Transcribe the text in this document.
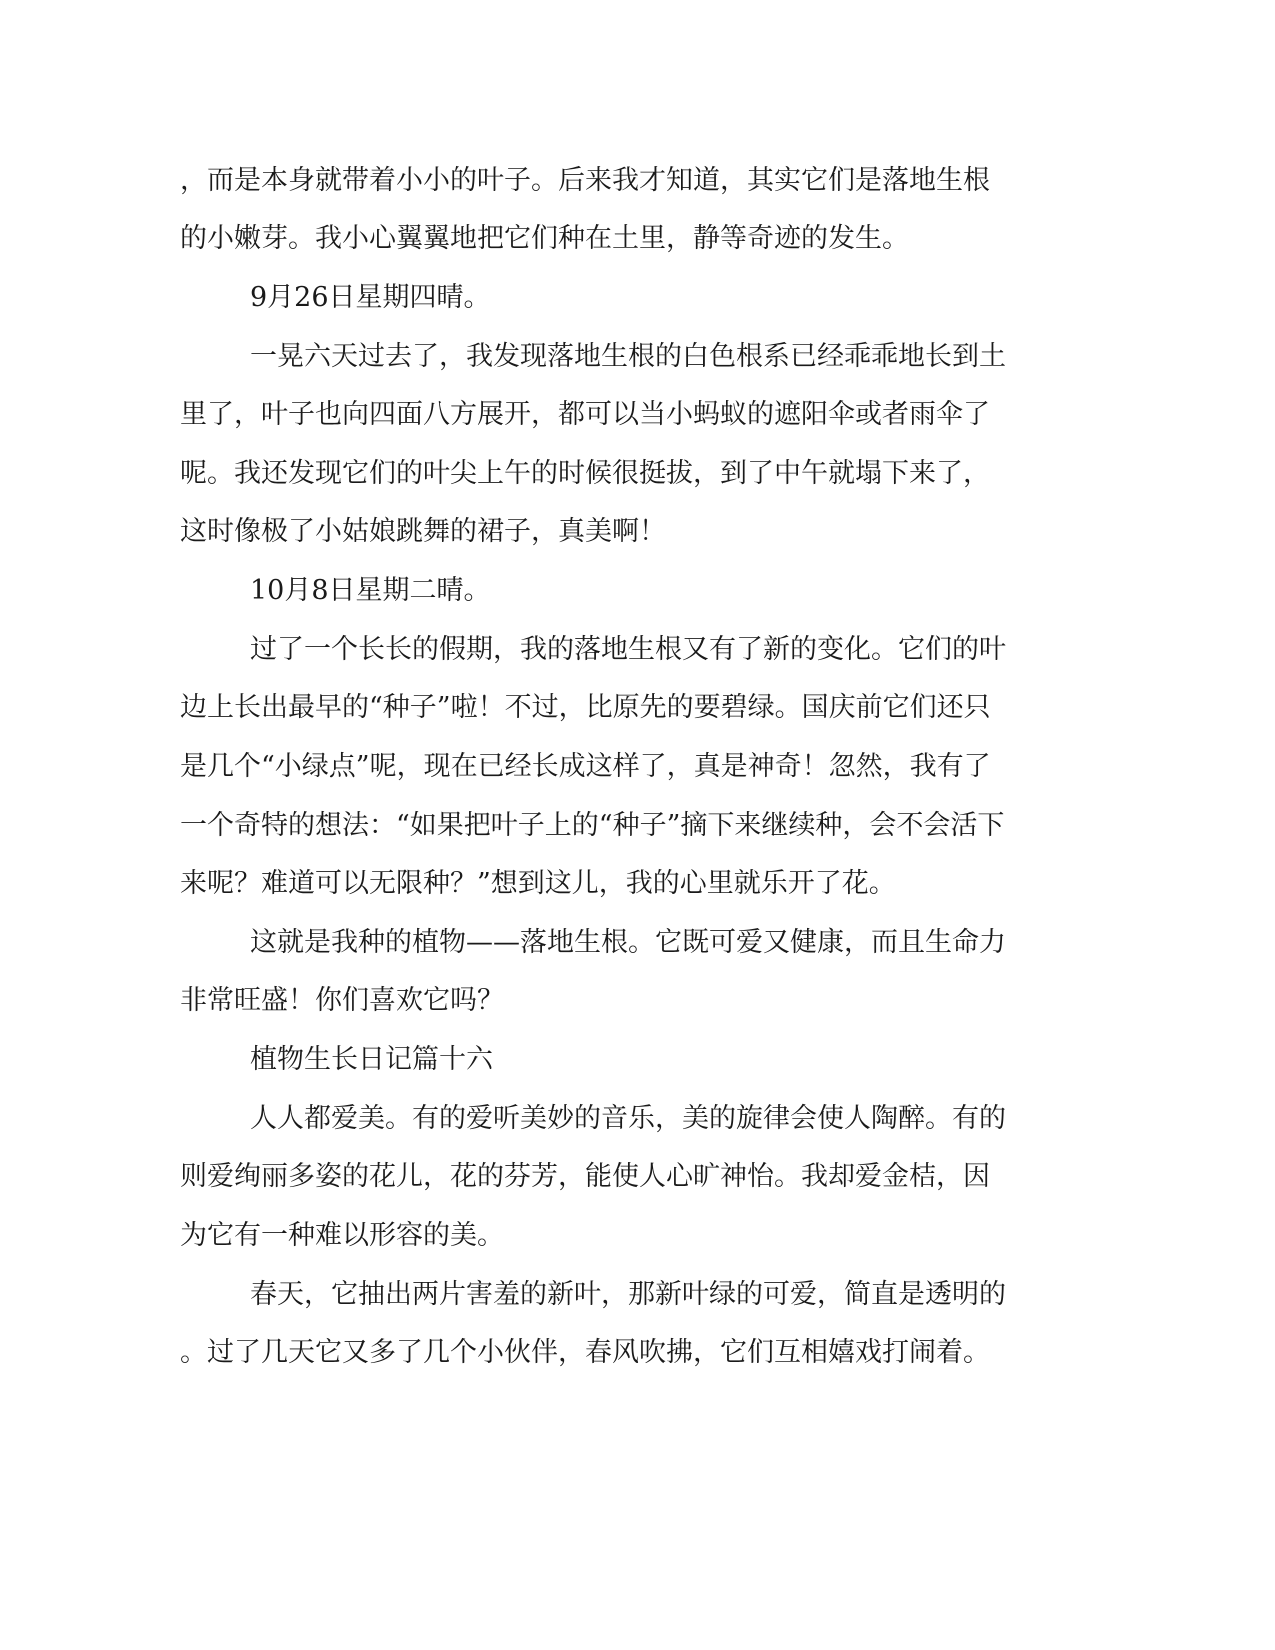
，而是本身就带着小小的叶子。后来我才知道，其实它们是落地生根
的小嫩芽。我小心翼翼地把它们种在土里，静等奇迹的发生。
9月26日星期四晴。
一晃六天过去了，我发现落地生根的白色根系已经乖乖地长到土
里了，叶子也向四面八方展开，都可以当小蚂蚁的遮阳伞或者雨伞了
呢。我还发现它们的叶尖上午的时候很挺拔，到了中午就塌下来了，
这时像极了小姑娘跳舞的裙子，真美啊！
10月8日星期二晴。
过了一个长长的假期，我的落地生根又有了新的变化。它们的叶
边上长出最早的“种子”啦！不过，比原先的要碧绿。国庆前它们还只
是几个“小绿点”呢，现在已经长成这样了，真是神奇！忽然，我有了
一个奇特的想法：“如果把叶子上的“种子”摘下来继续种，会不会活下
来呢？难道可以无限种？”想到这儿，我的心里就乐开了花。
这就是我种的植物——落地生根。它既可爱又健康，而且生命力
非常旺盛！你们喜欢它吗？
植物生长日记篇十六
人人都爱美。有的爱听美妙的音乐，美的旋律会使人陶醉。有的
则爱绚丽多姿的花儿，花的芬芳，能使人心旷神怡。我却爱金桔，因
为它有一种难以形容的美。
春天，它抽出两片害羞的新叶，那新叶绿的可爱，简直是透明的
。过了几天它又多了几个小伙伴，春风吹拂，它们互相嬉戏打闹着。
